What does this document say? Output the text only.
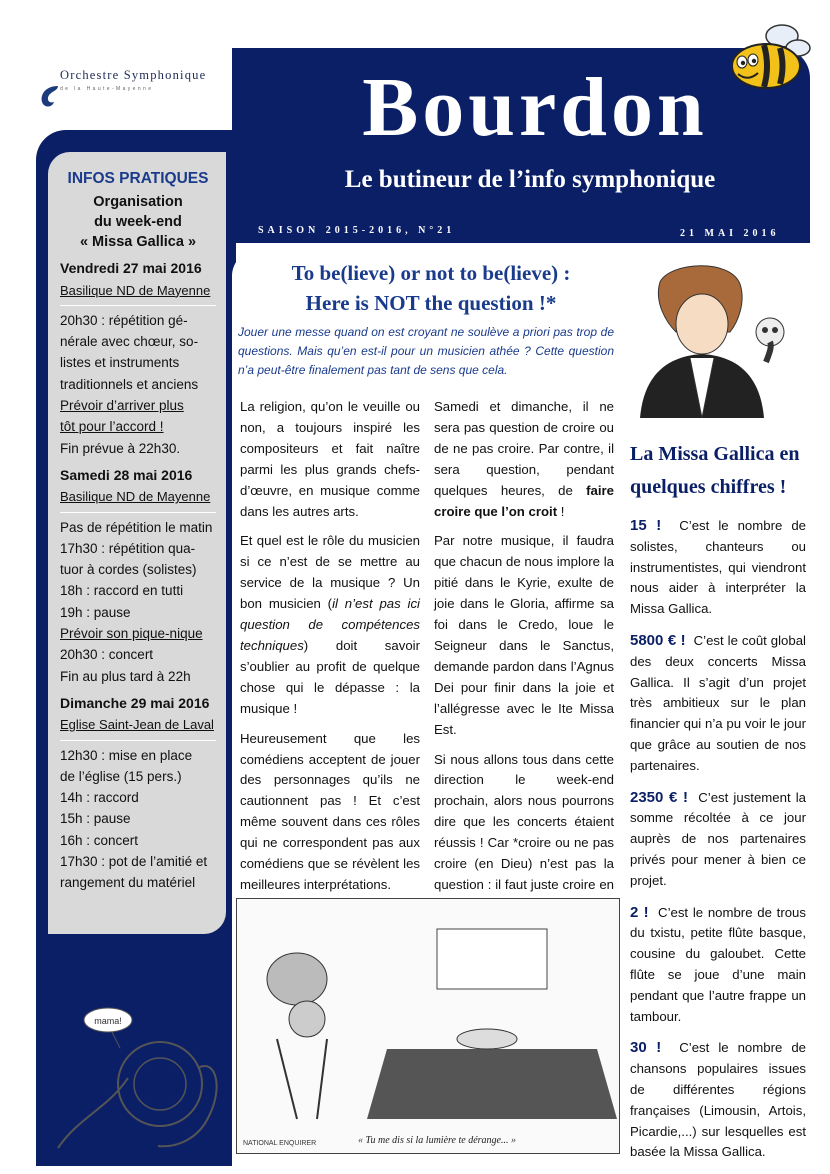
Orchestre Symphonique
de la Haute-Mayenne	Bourdon
Le butineur de l’info symphonique
SAISON 2015-2016, N°21	21 MAI 2016
INFOS PRATIQUES
Organisation
du week-end
« Missa Gallica »
Vendredi 27 mai 2016
Basilique ND de Mayenne
20h30 : répétition gé-
nérale avec chœur, so-
listes et instruments
traditionnels et anciens
Prévoir d’arriver plus
tôt pour l’accord !
Fin prévue à 22h30.
Samedi 28 mai 2016
Basilique ND de Mayenne
Pas de répétition le matin
17h30 : répétition qua-
tuor à cordes (solistes)
18h : raccord en tutti
19h : pause
Prévoir son pique-nique
20h30 : concert
Fin au plus tard à 22h
Dimanche 29 mai 2016
Eglise Saint-Jean de Laval
12h30 : mise en place
de l’église (15 pers.)
14h : raccord
15h : pause
16h : concert
17h30 : pot de l’amitié et
rangement du matériel
Les dessins
(spécial cuivres)
mama!
To be(lieve) or not to be(lieve) :
Here is NOT the question !*
Jouer une messe quand on est croyant ne soulève a priori pas trop de questions. Mais qu’en est-il pour un musicien athée ? Cette question n’a peut-être finalement pas tant de sens que cela.

La religion, qu’on le veuille ou non, a toujours inspiré les compositeurs et fait naître parmi les plus grands chefs-d’œuvre, en musique comme dans les autres arts.

Et quel est le rôle du musicien si ce n’est de se mettre au service de la musique ? Un bon musicien (il n’est pas ici question de compétences techniques) doit savoir s’oublier au profit de quelque chose qui le dépasse : la musique !

Heureusement que les comédiens acceptent de jouer des personnages qu’ils ne cautionnent pas ! Et c’est même souvent dans ces rôles qui ne correspondent pas aux comédiens que se révèlent les meilleures interprétations.

Samedi et dimanche, il ne sera pas question de croire ou de ne pas croire. Par contre, il sera question, pendant quelques heures, de faire croire que l’on croit !

Par notre musique, il faudra que chacun de nous implore la pitié dans le Kyrie, exulte de joie dans le Gloria, affirme sa foi dans le Credo, loue le Seigneur dans le Sanctus, demande pardon dans l’Agnus Dei pour finir dans la joie et l’allégresse avec le Ite Missa Est.

Si nous allons tous dans cette direction le week-end prochain, alors nous pourrons dire que les concerts étaient réussis ! Car *croire ou ne pas croire (en Dieu) n’est pas la question : il faut juste croire en

NATIONAL ENQUIRER	« Tu me dis si la lumière te dérange... »
La Missa Gallica en quelques chiffres !

15 ! C’est le nombre de solistes, chanteurs ou instrumentistes, qui viendront nous aider à interpréter la Missa Gallica.

5800 € ! C’est le coût global des deux concerts Missa Gallica. Il s’agit d’un projet très ambitieux sur le plan financier qui n’a pu voir le jour que grâce au soutien de nos partenaires.

2350 € ! C’est justement la somme récoltée à ce jour auprès de nos partenaires privés pour mener à bien ce projet.

2 ! C’est le nombre de trous du txistu, petite flûte basque, cousine du galoubet. Cette flûte se joue d’une main pendant que l’autre frappe un tambour.

30 ! C’est le nombre de chansons populaires issues de différentes régions françaises (Limousin, Artois, Picardie,...) sur lesquelles est basée la Missa Gallica.
